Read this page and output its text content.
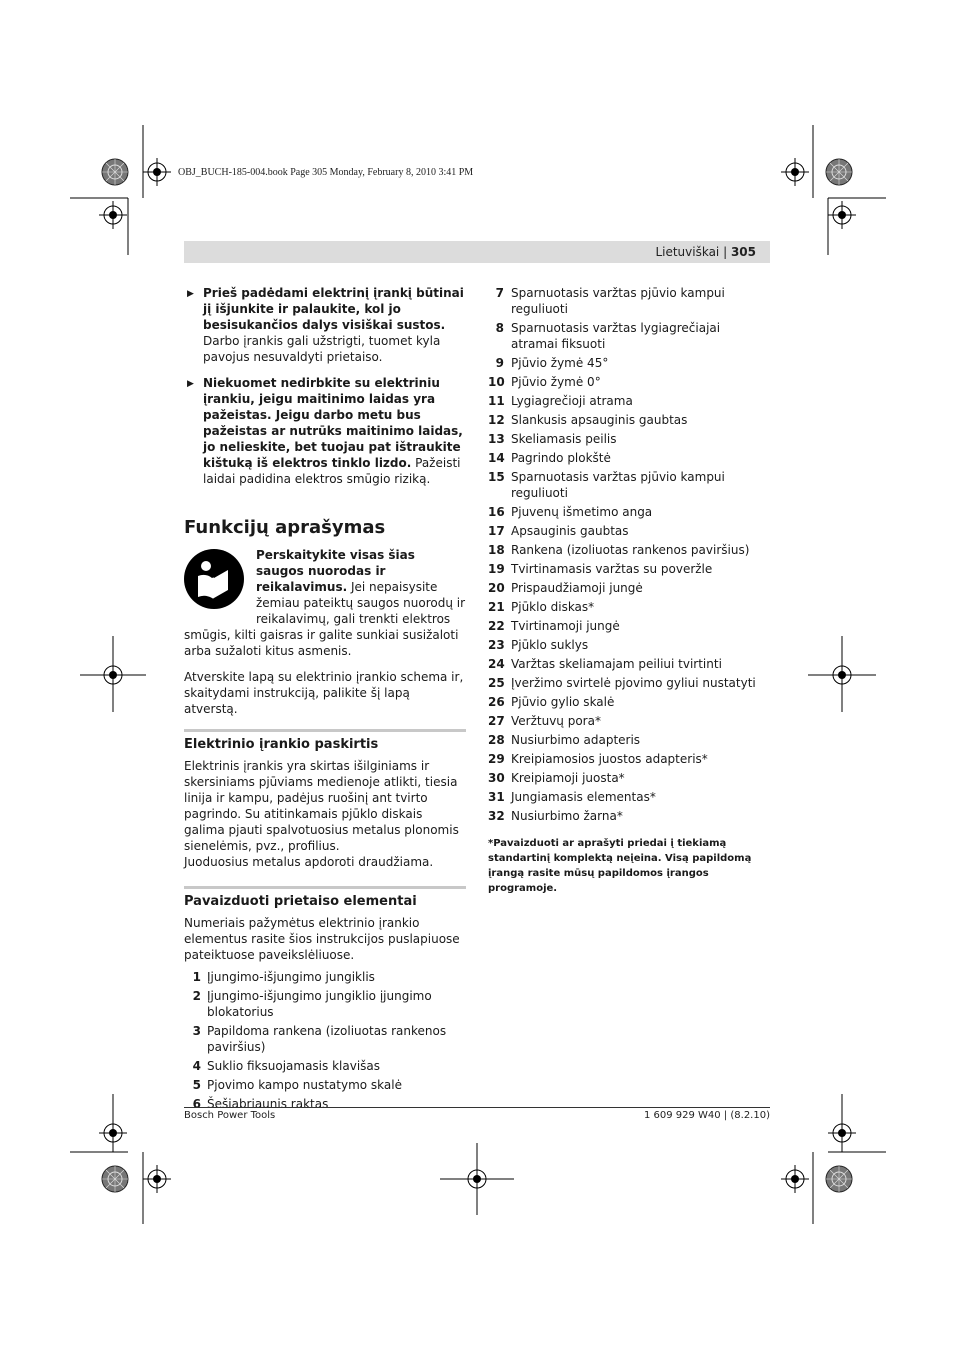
OBJ_BUCH-185-004.book Page 305 Monday, February 8, 2010 3:41 PM
Lietuviškai | 305
▶ Prieš padėdami elektrinį įrankį būtinai jį išjunkite ir palaukite, kol jo besisukančios dalys visiškai sustos. Darbo įrankis gali užstrigti, tuomet kyla pavojus nesuvaldyti prietaiso.
▶ Niekuomet nedirbkite su elektriniu įrankiu, jeigu maitinimo laidas yra pažeistas. Jeigu darbo metu bus pažeistas ar nutrūks maitinimo laidas, jo nelieskite, bet tuojau pat ištraukite kištuką iš elektros tinklo lizdo. Pažeisti laidai padidina elektros smūgio riziką.
Funkcijų aprašymas

Perskaitykite visas šias saugos nuorodas ir reikalavimus. Jei nepaisysite žemiau pateiktų saugos nuorodų ir reikalavimų, gali trenkti elektros smūgis, kilti gaisras ir galite sunkiai susižaloti arba sužaloti kitus asmenis.

Atverskite lapą su elektrinio įrankio schema ir, skaitydami instrukciją, palikite šį lapą atverstą.

Elektrinio įrankio paskirtis

Elektrinis įrankis yra skirtas išilginiams ir skersiniams pjūviams medienoje atlikti, tiesia linija ir kampu, padėjus ruošinį ant tvirto pagrindo. Su atitinkamais pjūklo diskais galima pjauti spalvotuosius metalus plonomis sienelėmis, pvz., profilius.
Juoduosius metalus apdoroti draudžiama.

Pavaizduoti prietaiso elementai

Numeriais pažymėtus elektrinio įrankio elementus rasite šios instrukcijos puslapiuose pateiktuose paveikslėliuose.

1 Įjungimo-išjungimo jungiklis
2 Įjungimo-išjungimo jungiklio įjungimo blokatorius
3 Papildoma rankena (izoliuotas rankenos paviršius)
4 Suklio fiksuojamasis klavišas
5 Pjovimo kampo nustatymo skalė
6 Šešiabriaunis raktas
7 Sparnuotasis varžtas pjūvio kampui reguliuoti
8 Sparnuotasis varžtas lygiagrečiajai atramai fiksuoti
9 Pjūvio žymė 45°
10 Pjūvio žymė 0°
11 Lygiagrečioji atrama
12 Slankusis apsauginis gaubtas
13 Skeliamasis peilis
14 Pagrindo plokštė
15 Sparnuotasis varžtas pjūvio kampui reguliuoti
16 Pjuvenų išmetimo anga
17 Apsauginis gaubtas
18 Rankena (izoliuotas rankenos paviršius)
19 Tvirtinamasis varžtas su poveržle
20 Prispaudžiamoji jungė
21 Pjūklo diskas*
22 Tvirtinamoji jungė
23 Pjūklo suklys
24 Varžtas skeliamajam peiliui tvirtinti
25 Įveržimo svirtelė pjovimo gyliui nustatyti
26 Pjūvio gylio skalė
27 Veržtuvų pora*
28 Nusiurbimo adapteris
29 Kreipiamosios juostos adapteris*
30 Kreipiamoji juosta*
31 Jungiamasis elementas*
32 Nusiurbimo žarna*
*Pavaizduoti ar aprašyti priedai į tiekiamą standartinį komplektą neįeina. Visą papildomą įrangą rasite mūsų papildomos įrangos programoje.
Bosch Power Tools	1 609 929 W40 | (8.2.10)
